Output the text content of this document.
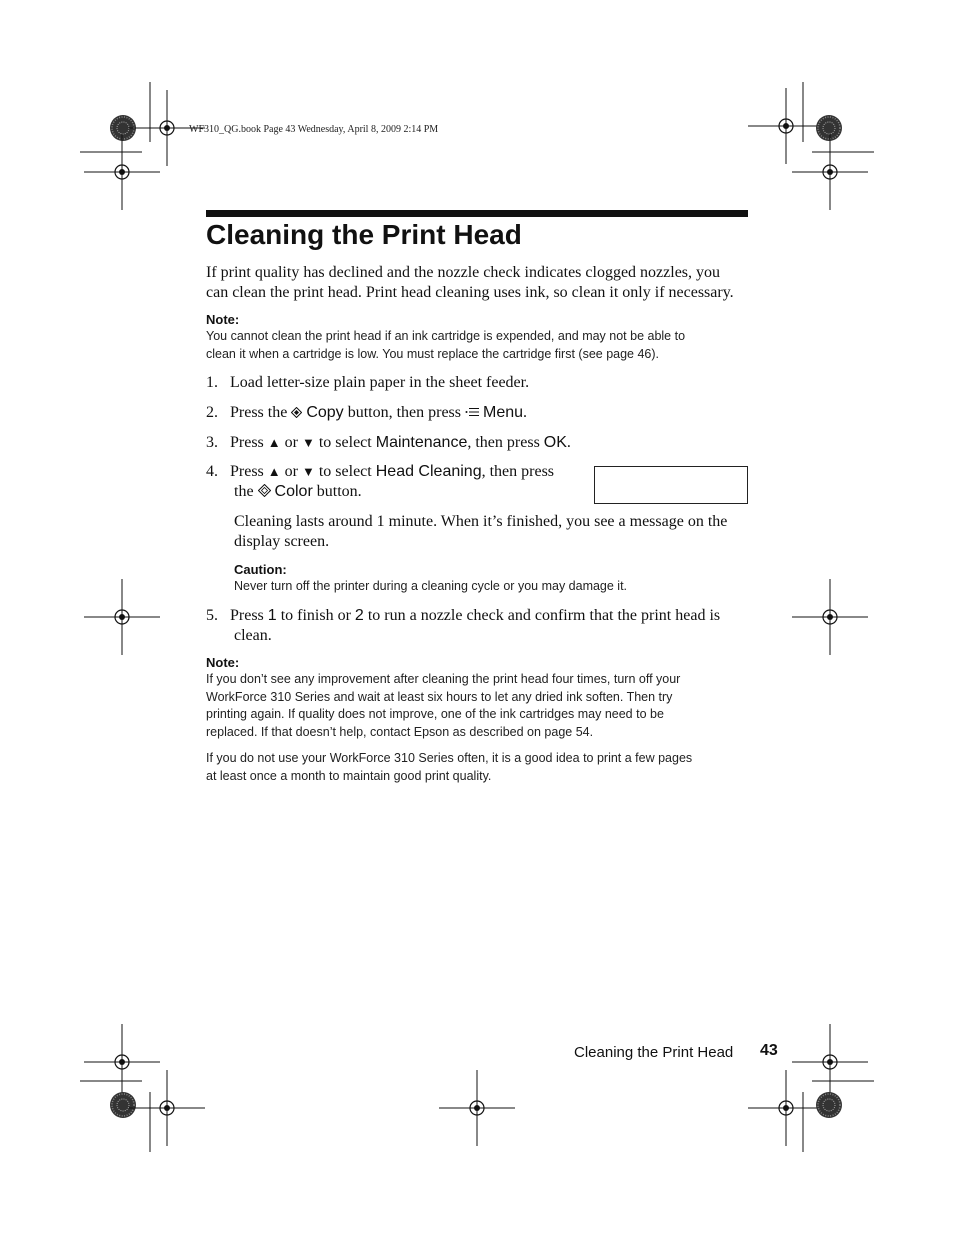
WF310_QG.book Page 43 Wednesday, April 8, 2009 2:14 PM
Cleaning the Print Head
If print quality has declined and the nozzle check indicates clogged nozzles, you
can clean the print head. Print head cleaning uses ink, so clean it only if necessary.
Note:
You cannot clean the print head if an ink cartridge is expended, and may not be able to
clean it when a cartridge is low. You must replace the cartridge first (see page 46).
1. Load letter-size plain paper in the sheet feeder.
2. Press the  Copy button, then press  Menu.
3. Press ▲ or ▼ to select Maintenance, then press OK.
4. Press ▲ or ▼ to select Head Cleaning, then press
the  Color button.

Cleaning lasts around 1 minute. When it’s finished, you see a message on the
display screen.
Caution:
Never turn off the printer during a cleaning cycle or you may damage it.
5. Press 1 to finish or 2 to run a nozzle check and confirm that the print head is
clean.
Note:
If you don’t see any improvement after cleaning the print head four times, turn off your
WorkForce 310 Series and wait at least six hours to let any dried ink soften. Then try
printing again. If quality does not improve, one of the ink cartridges may need to be
replaced. If that doesn’t help, contact Epson as described on page 54.
If you do not use your WorkForce 310 Series often, it is a good idea to print a few pages
at least once a month to maintain good print quality.
Cleaning the Print Head 43
